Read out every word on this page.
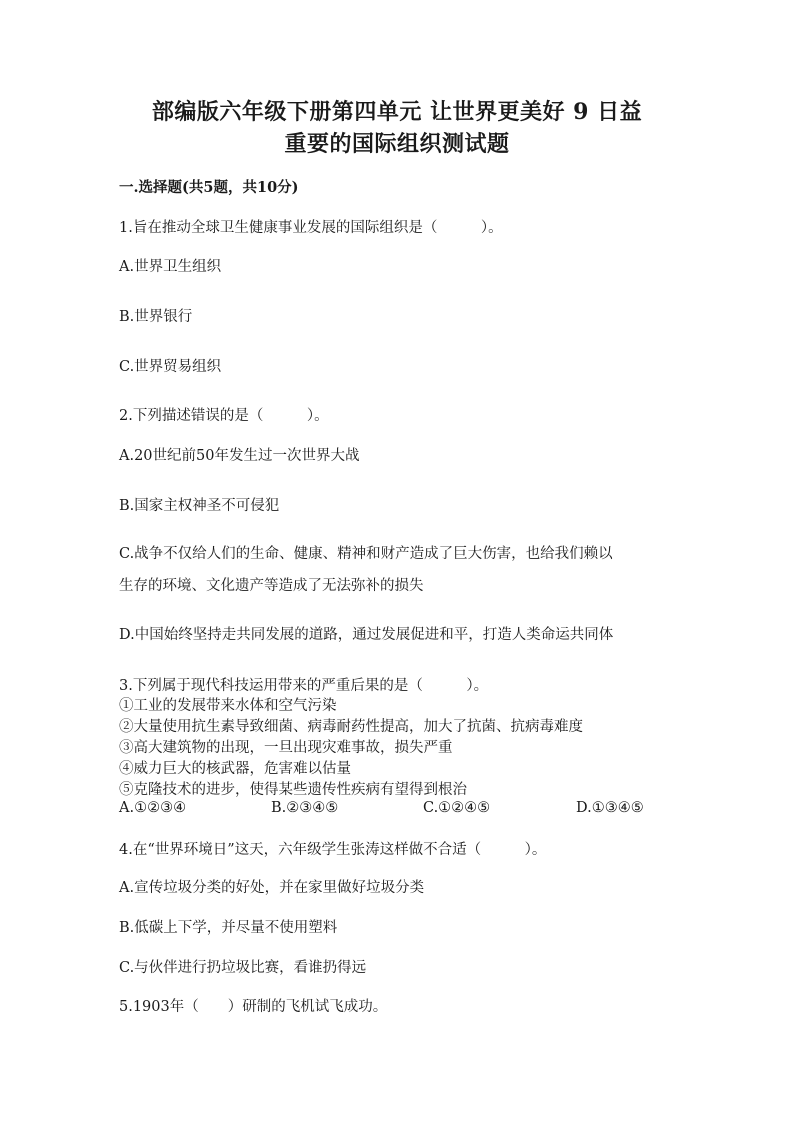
部编版六年级下册第四单元 让世界更美好 9 日益
重要的国际组织测试题
一.选择题(共5题，共10分)
1.旨在推动全球卫生健康事业发展的国际组织是（　　　）。
A.世界卫生组织
B.世界银行
C.世界贸易组织
2.下列描述错误的是（　　　）。
A.20世纪前50年发生过一次世界大战
B.国家主权神圣不可侵犯
C.战争不仅给人们的生命、健康、精神和财产造成了巨大伤害，也给我们赖以
生存的环境、文化遗产等造成了无法弥补的损失
D.中国始终坚持走共同发展的道路，通过发展促进和平，打造人类命运共同体
3.下列属于现代科技运用带来的严重后果的是（　　　）。
①工业的发展带来水体和空气污染
②大量使用抗生素导致细菌、病毒耐药性提高，加大了抗菌、抗病毒难度
③高大建筑物的出现，一旦出现灾难事故，损失严重
④威力巨大的核武器，危害难以估量
⑤克隆技术的进步，使得某些遗传性疾病有望得到根治
A.①②③④	B.②③④⑤	C.①②④⑤	D.①③④⑤
4.在“世界环境日”这天，六年级学生张涛这样做不合适（　　　）。
A.宣传垃圾分类的好处，并在家里做好垃圾分类
B.低碳上下学，并尽量不使用塑料
C.与伙伴进行扔垃圾比赛，看谁扔得远
5.1903年（　　）研制的飞机试飞成功。
